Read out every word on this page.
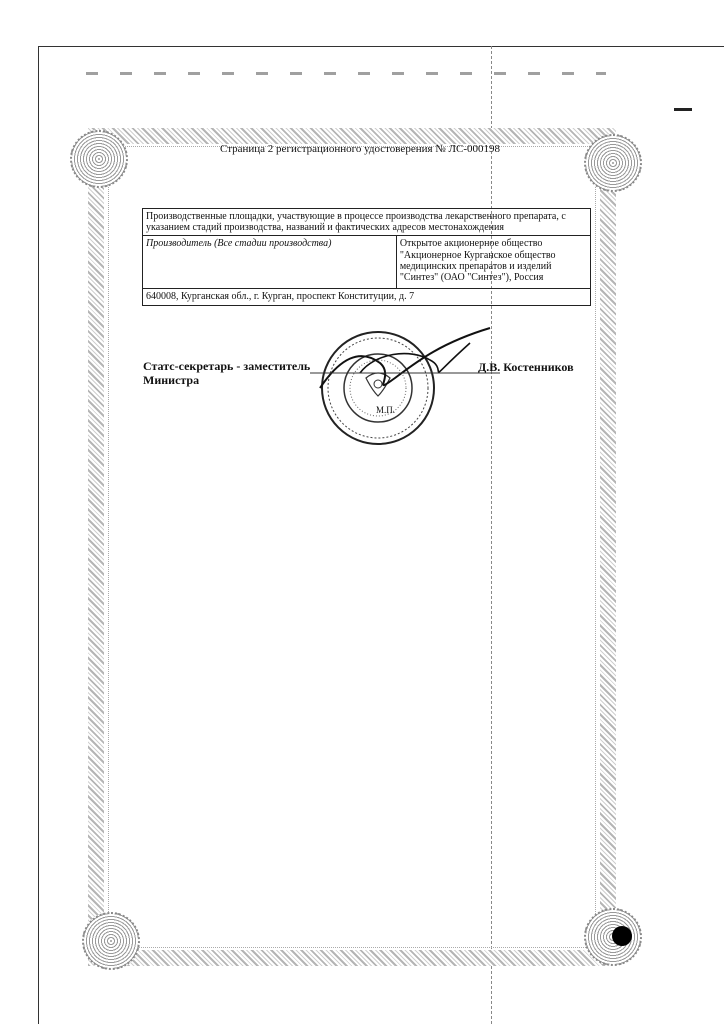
Страница 2 регистрационного удостоверения № ЛС-000198
Производственные площадки, участвующие в процессе производства лекарственного препарата, с указанием стадий производства, названий и фактических адресов местонахождения
Производитель (Все стадии производства)	Открытое акционерное общество "Акционерное Курганское общество медицинских препаратов и изделий "Синтез" (ОАО "Синтез"), Россия
640008, Курганская обл., г. Курган, проспект Конституции, д. 7
Статс-секретарь - заместитель Министра
Д.В. Костенников
М.П.
